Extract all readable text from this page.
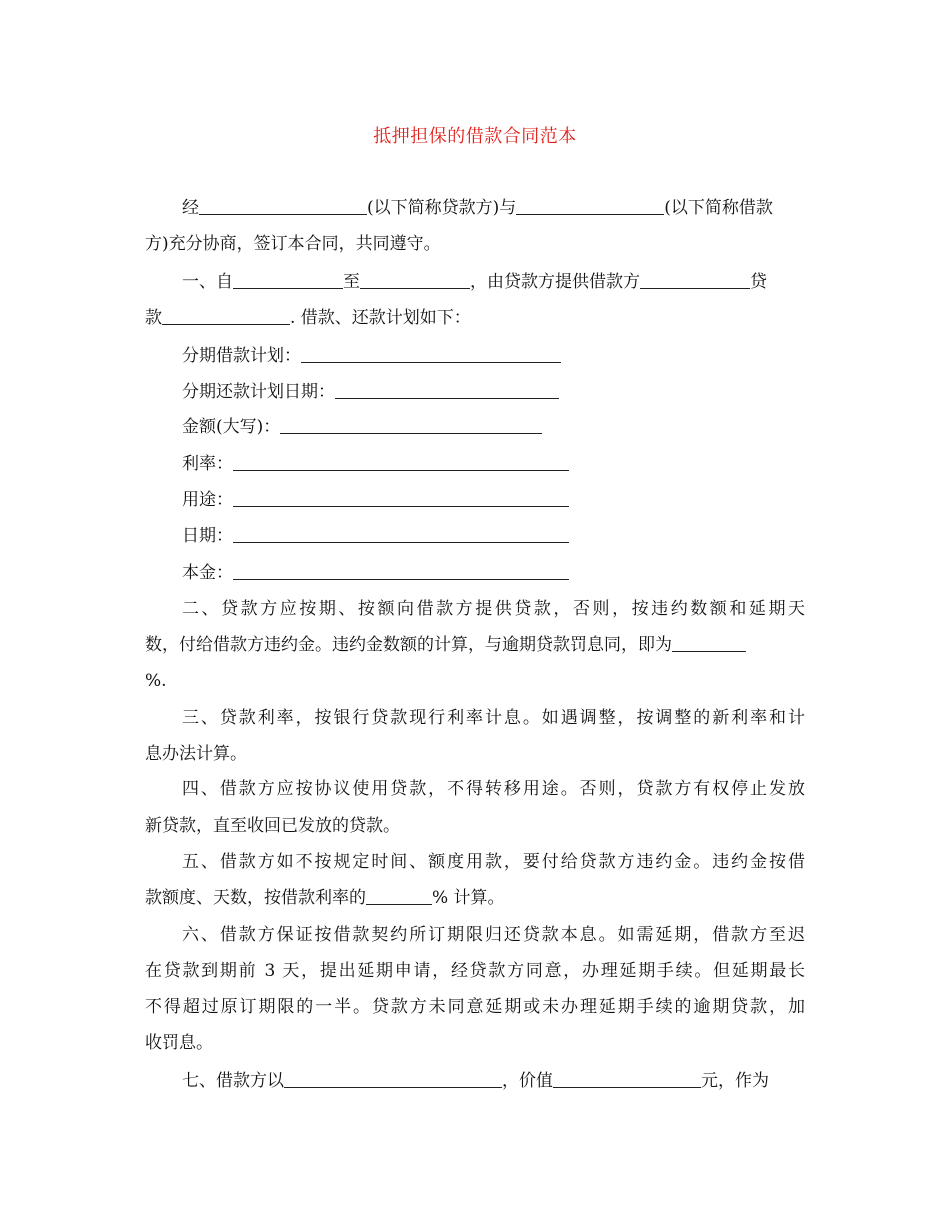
抵押担保的借款合同范本
经	(以下简称贷款方)与	(以下简称借款
方)充分协商，签订本合同，共同遵守。
一、自	至	，由贷款方提供借款方	贷
款	. 借款、还款计划如下：
分期借款计划：
分期还款计划日期：
金额(大写)：
利率：
用途：
日期：
本金：
二、贷款方应按期、按额向借款方提供贷款，否则，按违约数额和延期天
数，付给借款方违约金。违约金数额的计算，与逾期贷款罚息同，即为
%.
三、贷款利率，按银行贷款现行利率计息。如遇调整，按调整的新利率和计
息办法计算。
四、借款方应按协议使用贷款，不得转移用途。否则，贷款方有权停止发放
新贷款，直至收回已发放的贷款。
五、借款方如不按规定时间、额度用款，要付给贷款方违约金。违约金按借
款额度、天数，按借款利率的	% 计算。
六、借款方保证按借款契约所订期限归还贷款本息。如需延期，借款方至迟
在贷款到期前 3 天，提出延期申请，经贷款方同意，办理延期手续。但延期最长
不得超过原订期限的一半。贷款方未同意延期或未办理延期手续的逾期贷款，加
收罚息。
七、借款方以	，价值	元，作为
